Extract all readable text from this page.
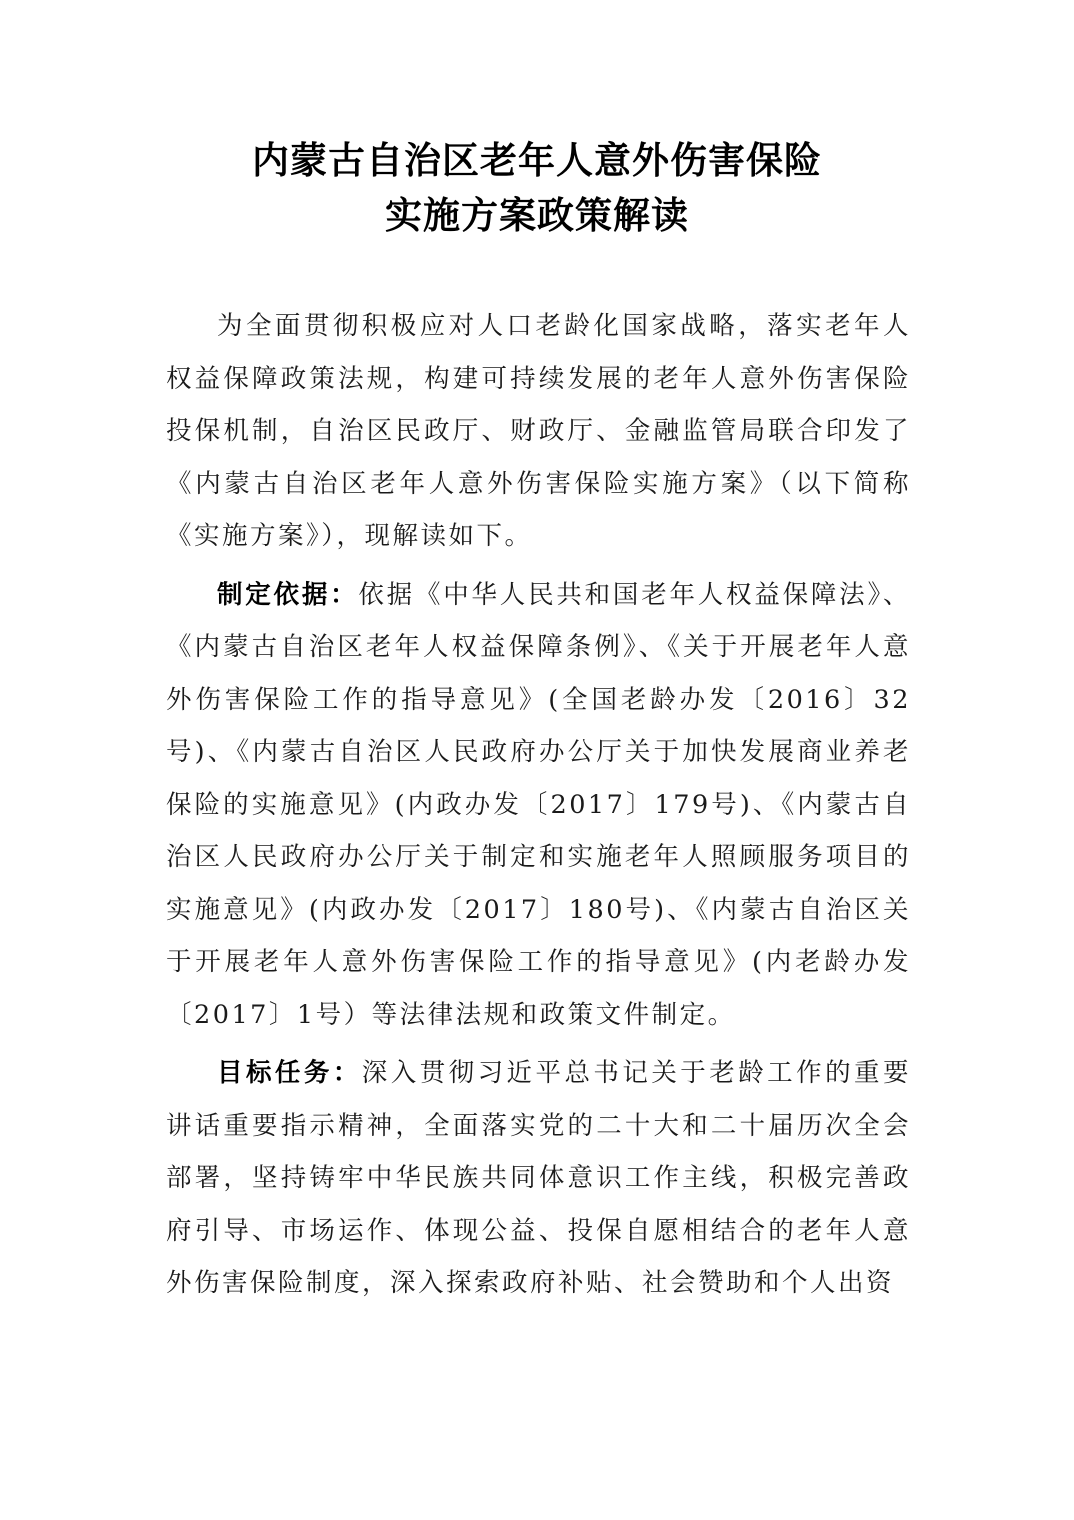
内蒙古自治区老年人意外伤害保险
实施方案政策解读

为全面贯彻积极应对人口老龄化国家战略，落实老年人权益保障政策法规，构建可持续发展的老年人意外伤害保险投保机制，自治区民政厅、财政厅、金融监管局联合印发了《内蒙古自治区老年人意外伤害保险实施方案》（以下简称《实施方案》），现解读如下。

制定依据：依据《中华人民共和国老年人权益保障法》、《内蒙古自治区老年人权益保障条例》、《关于开展老年人意外伤害保险工作的指导意见》(全国老龄办发〔2016〕32号)、《内蒙古自治区人民政府办公厅关于加快发展商业养老保险的实施意见》(内政办发〔2017〕179号)、《内蒙古自治区人民政府办公厅关于制定和实施老年人照顾服务项目的实施意见》(内政办发〔2017〕180号)、《内蒙古自治区关于开展老年人意外伤害保险工作的指导意见》(内老龄办发〔2017〕1号）等法律法规和政策文件制定。

目标任务：深入贯彻习近平总书记关于老龄工作的重要讲话重要指示精神，全面落实党的二十大和二十届历次全会部署，坚持铸牢中华民族共同体意识工作主线，积极完善政府引导、市场运作、体现公益、投保自愿相结合的老年人意外伤害保险制度，深入探索政府补贴、社会赞助和个人出资
